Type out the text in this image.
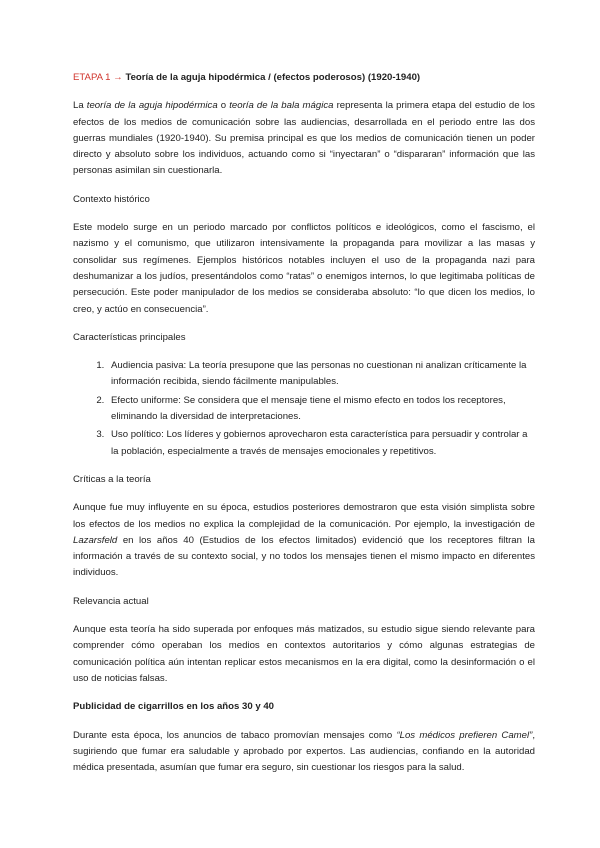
ETAPA 1 → Teoría de la aguja hipodérmica / (efectos poderosos) (1920-1940)

La teoría de la aguja hipodérmica o teoría de la bala mágica representa la primera etapa del estudio de los efectos de los medios de comunicación sobre las audiencias, desarrollada en el periodo entre las dos guerras mundiales (1920-1940). Su premisa principal es que los medios de comunicación tienen un poder directo y absoluto sobre los individuos, actuando como si “inyectaran” o “dispararan” información que las personas asimilan sin cuestionarla.

Contexto histórico

Este modelo surge en un periodo marcado por conflictos políticos e ideológicos, como el fascismo, el nazismo y el comunismo, que utilizaron intensivamente la propaganda para movilizar a las masas y consolidar sus regímenes. Ejemplos históricos notables incluyen el uso de la propaganda nazi para deshumanizar a los judíos, presentándolos como “ratas” o enemigos internos, lo que legitimaba políticas de persecución. Este poder manipulador de los medios se consideraba absoluto: “lo que dicen los medios, lo creo, y actúo en consecuencia”.

Características principales
1. Audiencia pasiva: La teoría presupone que las personas no cuestionan ni analizan críticamente la información recibida, siendo fácilmente manipulables.
2. Efecto uniforme: Se considera que el mensaje tiene el mismo efecto en todos los receptores, eliminando la diversidad de interpretaciones.
3. Uso político: Los líderes y gobiernos aprovecharon esta característica para persuadir y controlar a la población, especialmente a través de mensajes emocionales y repetitivos.
Críticas a la teoría

Aunque fue muy influyente en su época, estudios posteriores demostraron que esta visión simplista sobre los efectos de los medios no explica la complejidad de la comunicación. Por ejemplo, la investigación de Lazarsfeld en los años 40 (Estudios de los efectos limitados) evidenció que los receptores filtran la información a través de su contexto social, y no todos los mensajes tienen el mismo impacto en diferentes individuos.

Relevancia actual

Aunque esta teoría ha sido superada por enfoques más matizados, su estudio sigue siendo relevante para comprender cómo operaban los medios en contextos autoritarios y cómo algunas estrategias de comunicación política aún intentan replicar estos mecanismos en la era digital, como la desinformación o el uso de noticias falsas.

Publicidad de cigarrillos en los años 30 y 40

Durante esta época, los anuncios de tabaco promovían mensajes como “Los médicos prefieren Camel”, sugiriendo que fumar era saludable y aprobado por expertos. Las audiencias, confiando en la autoridad médica presentada, asumían que fumar era seguro, sin cuestionar los riesgos para la salud.
